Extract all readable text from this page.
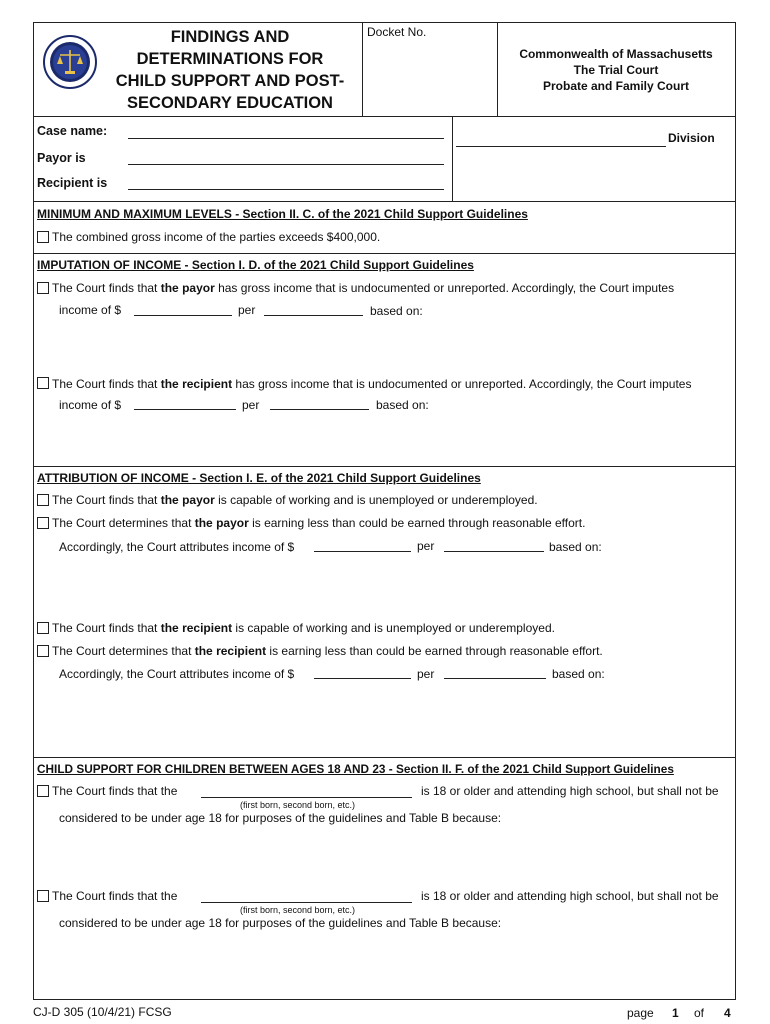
FINDINGS AND
DETERMINATIONS FOR
CHILD SUPPORT AND POST-
SECONDARY EDUCATION
Docket No.
Commonwealth of Massachusetts
The Trial Court
Probate and Family Court
Case name:
Payor is
Recipient is
Division
MINIMUM AND MAXIMUM LEVELS - Section II. C. of the 2021 Child Support Guidelines
The combined gross income of the parties exceeds $400,000.
IMPUTATION OF INCOME - Section I. D. of the 2021 Child Support Guidelines
The Court finds that the payor has gross income that is undocumented or unreported. Accordingly, the Court imputes
income of $	per	based on:
The Court finds that the recipient has gross income that is undocumented or unreported. Accordingly, the Court imputes
income of $	per	based on:
ATTRIBUTION OF INCOME - Section I. E. of the 2021 Child Support Guidelines
The Court finds that the payor is capable of working and is unemployed or underemployed.
The Court determines that the payor is earning less than could be earned through reasonable effort.
Accordingly, the Court attributes income of $	per	based on:
The Court finds that the recipient is capable of working and is unemployed or underemployed.
The Court determines that the recipient is earning less than could be earned through reasonable effort.
Accordingly, the Court attributes income of $	per	based on:
CHILD SUPPORT FOR CHILDREN BETWEEN AGES 18 AND 23 - Section II. F. of the 2021 Child Support Guidelines
The Court finds that the	is 18 or older and attending high school, but shall not be
(first born, second born, etc.)
considered to be under age 18 for purposes of the guidelines and Table B because:
The Court finds that the	is 18 or older and attending high school, but shall not be
(first born, second born, etc.)
considered to be under age 18 for purposes of the guidelines and Table B because:
CJ-D 305 (10/4/21) FCSG	page 1 of 4
